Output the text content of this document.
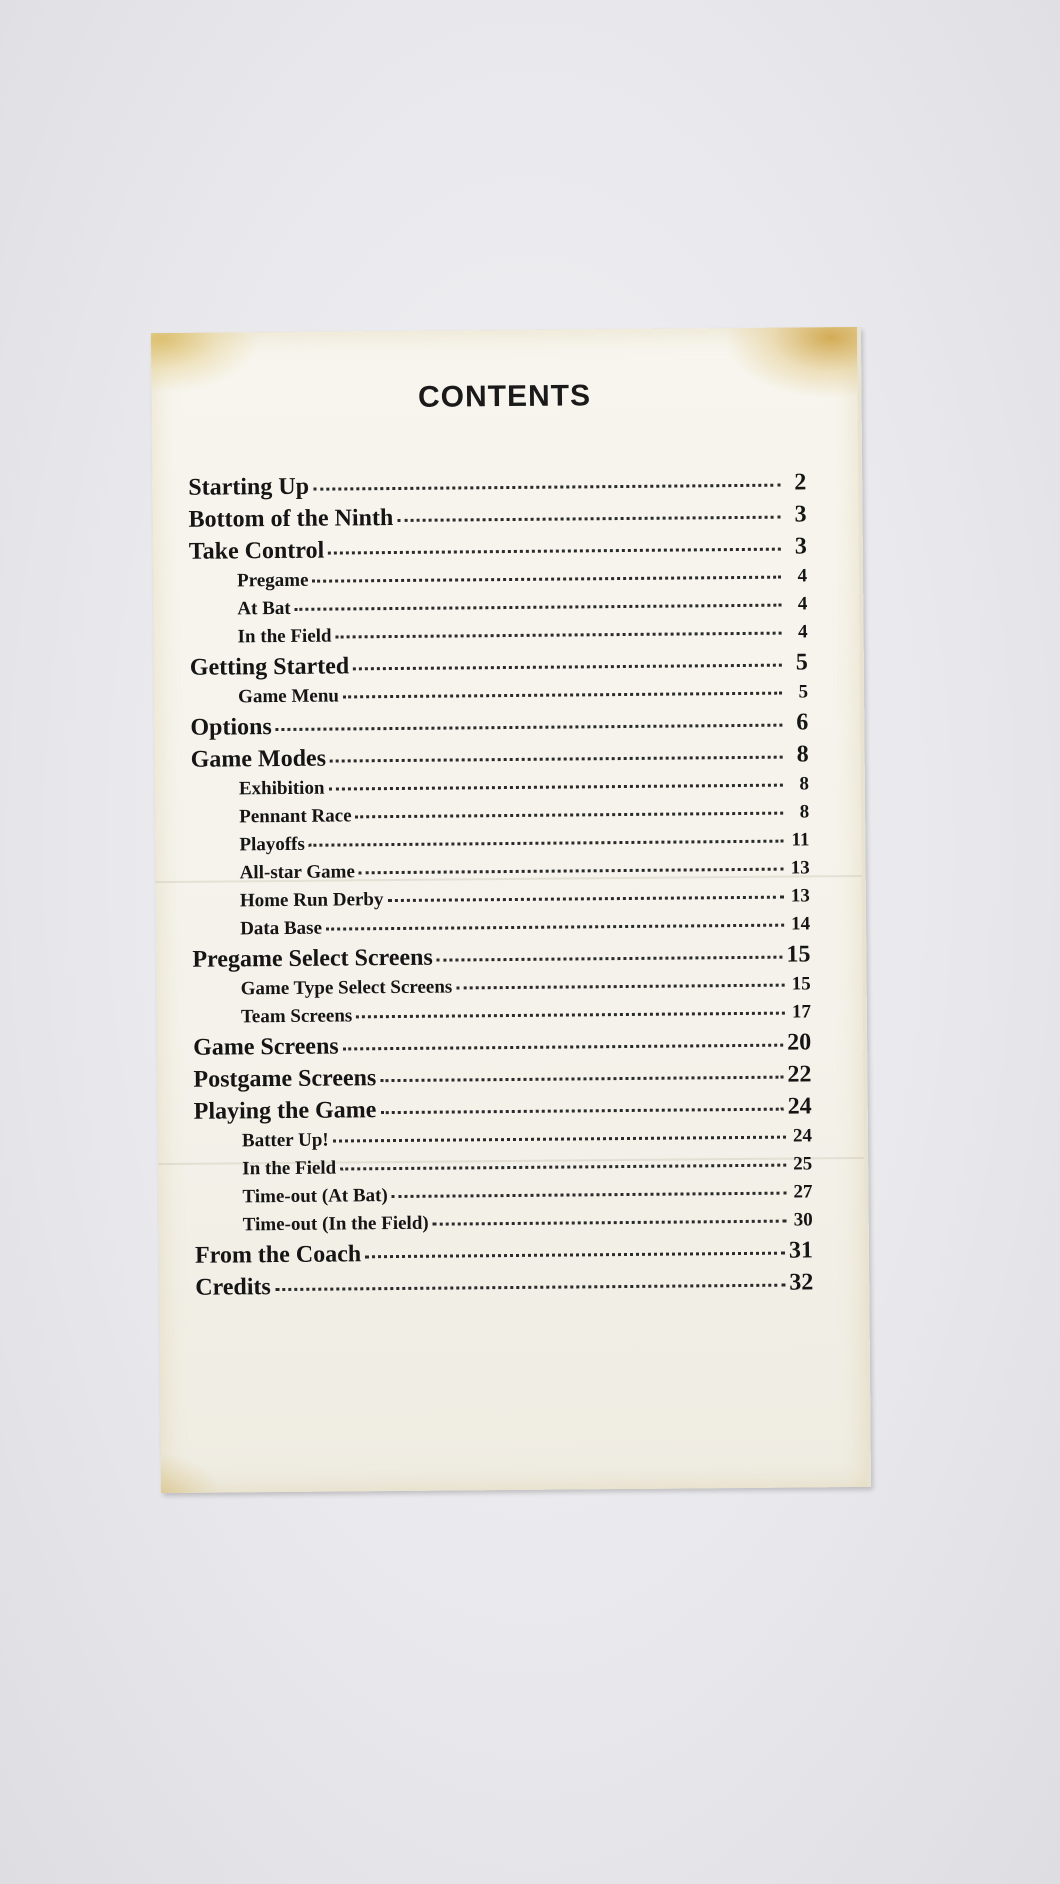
CONTENTS
Starting Up	2
Bottom of the Ninth	3
Take Control	3
Pregame	4
At Bat	4
In the Field	4
Getting Started	5
Game Menu	5
Options	6
Game Modes	8
Exhibition	8
Pennant Race	8
Playoffs	11
All-star Game	13
Home Run Derby	13
Data Base	14
Pregame Select Screens	15
Game Type Select Screens	15
Team Screens	17
Game Screens	20
Postgame Screens	22
Playing the Game	24
Batter Up!	24
In the Field	25
Time-out (At Bat)	27
Time-out (In the Field)	30
From the Coach	31
Credits	32
